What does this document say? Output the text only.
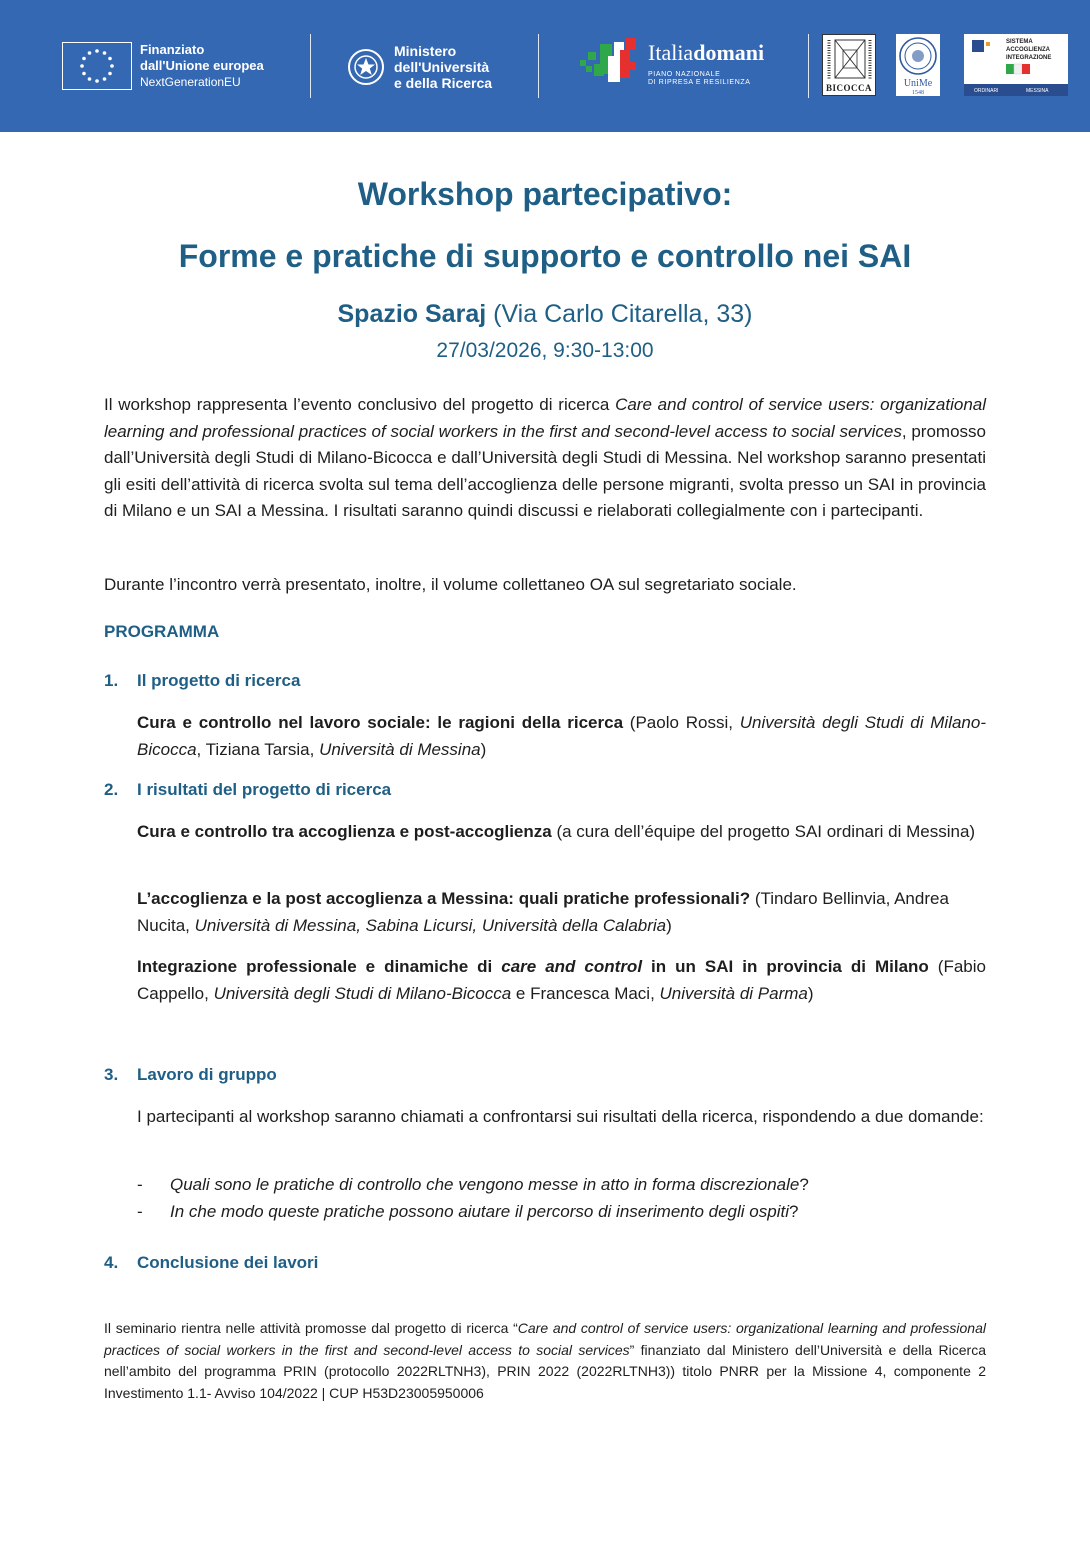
Finanziato
dall'Unione europea
NextGenerationEU
Ministero
dell'Università
e della Ricerca
Italiadomani
PIANO NAZIONALE
DI RIPRESA E RESILIENZA
BICOCCA	UniMe
1548
SISTEMA
ACCOGLIENZA
INTEGRAZIONE
ORDINARI	MESSINA
Workshop partecipativo:
Forme e pratiche di supporto e controllo nei SAI
Spazio Saraj (Via Carlo Citarella, 33)
27/03/2026, 9:30-13:00
Il workshop rappresenta l’evento conclusivo del progetto di ricerca Care and control of service users: organizational learning and professional practices of social workers in the first and second-level access to social services, promosso dall’Università degli Studi di Milano-Bicocca e dall’Università degli Studi di Messina. Nel workshop saranno presentati gli esiti dell’attività di ricerca svolta sul tema dell’accoglienza delle persone migranti, svolta presso un SAI in provincia di Milano e un SAI a Messina. I risultati saranno quindi discussi e rielaborati collegialmente con i partecipanti.
Durante l’incontro verrà presentato, inoltre, il volume collettaneo OA sul segretariato sociale.
PROGRAMMA
1. Il progetto di ricerca
Cura e controllo nel lavoro sociale: le ragioni della ricerca (Paolo Rossi, Università degli Studi di Milano-Bicocca, Tiziana Tarsia, Università di Messina)
2. I risultati del progetto di ricerca
Cura e controllo tra accoglienza e post-accoglienza (a cura dell’équipe del progetto SAI ordinari di Messina)
L’accoglienza e la post accoglienza a Messina: quali pratiche professionali? (Tindaro Bellinvia, Andrea Nucita, Università di Messina, Sabina Licursi, Università della Calabria)
Integrazione professionale e dinamiche di care and control in un SAI in provincia di Milano (Fabio Cappello, Università degli Studi di Milano-Bicocca e Francesca Maci, Università di Parma)
3. Lavoro di gruppo
I partecipanti al workshop saranno chiamati a confrontarsi sui risultati della ricerca, rispondendo a due domande:
- Quali sono le pratiche di controllo che vengono messe in atto in forma discrezionale?
- In che modo queste pratiche possono aiutare il percorso di inserimento degli ospiti?
4. Conclusione dei lavori
Il seminario rientra nelle attività promosse dal progetto di ricerca “Care and control of service users: organizational learning and professional practices of social workers in the first and second-level access to social services” finanziato dal Ministero dell’Università e della Ricerca nell’ambito del programma PRIN (protocollo 2022RLTNH3), PRIN 2022 (2022RLTNH3)) titolo PNRR per la Missione 4, componente 2 Investimento 1.1- Avviso 104/2022 | CUP H53D23005950006
